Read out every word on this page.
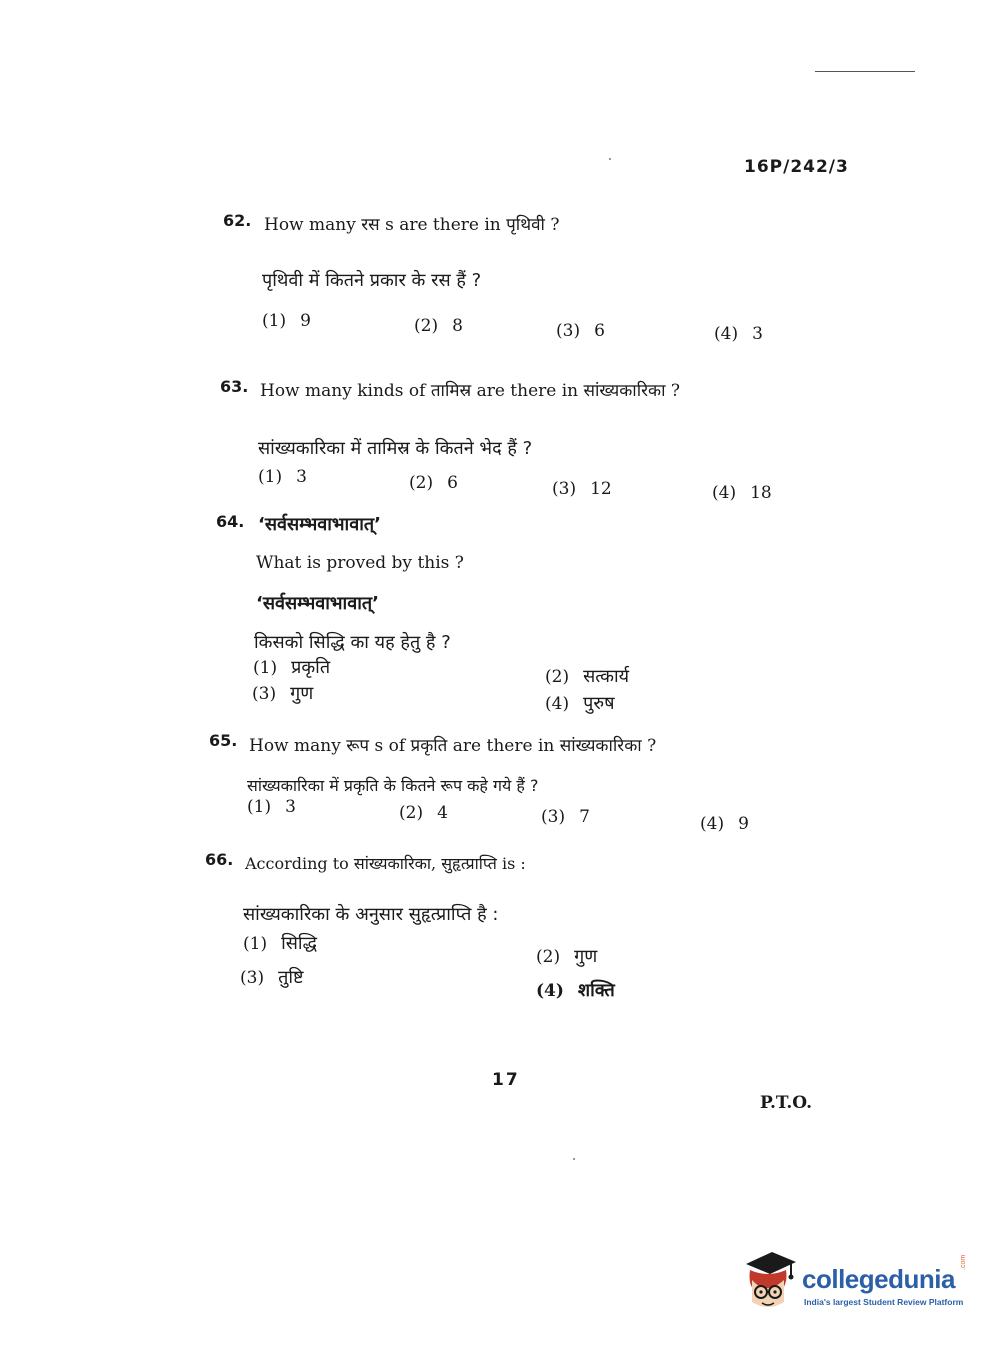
16P/242/3
62. How many रस s are there in पृथिवी ?
पृथिवी में कितने प्रकार के रस हैं ?
(1) 9	(2) 8	(3) 6	(4) 3
63. How many kinds of तामिस्र are there in सांख्यकारिका ?
सांख्यकारिका में तामिस्र के कितने भेद हैं ?
(1) 3	(2) 6	(3) 12	(4) 18
64. ‘सर्वसम्भवाभावात्’
What is proved by this ?
‘सर्वसम्भवाभावात्’
किसको सिद्धि का यह हेतु है ?
(1) प्रकृति	(2) सत्कार्य
(3) गुण	(4) पुरुष
65. How many रूप s of प्रकृति are there in सांख्यकारिका ?
सांख्यकारिका में प्रकृति के कितने रूप कहे गये हैं ?
(1) 3	(2) 4	(3) 7	(4) 9
66. According to सांख्यकारिका, सुहृत्प्राप्ति is :
सांख्यकारिका के अनुसार सुहृत्प्राप्ति है :
(1) सिद्धि
(2) गुण
(3) तुष्टि
(4) शक्ति
17
P.T.O.
collegedunia
.com
India's largest Student Review Platform
